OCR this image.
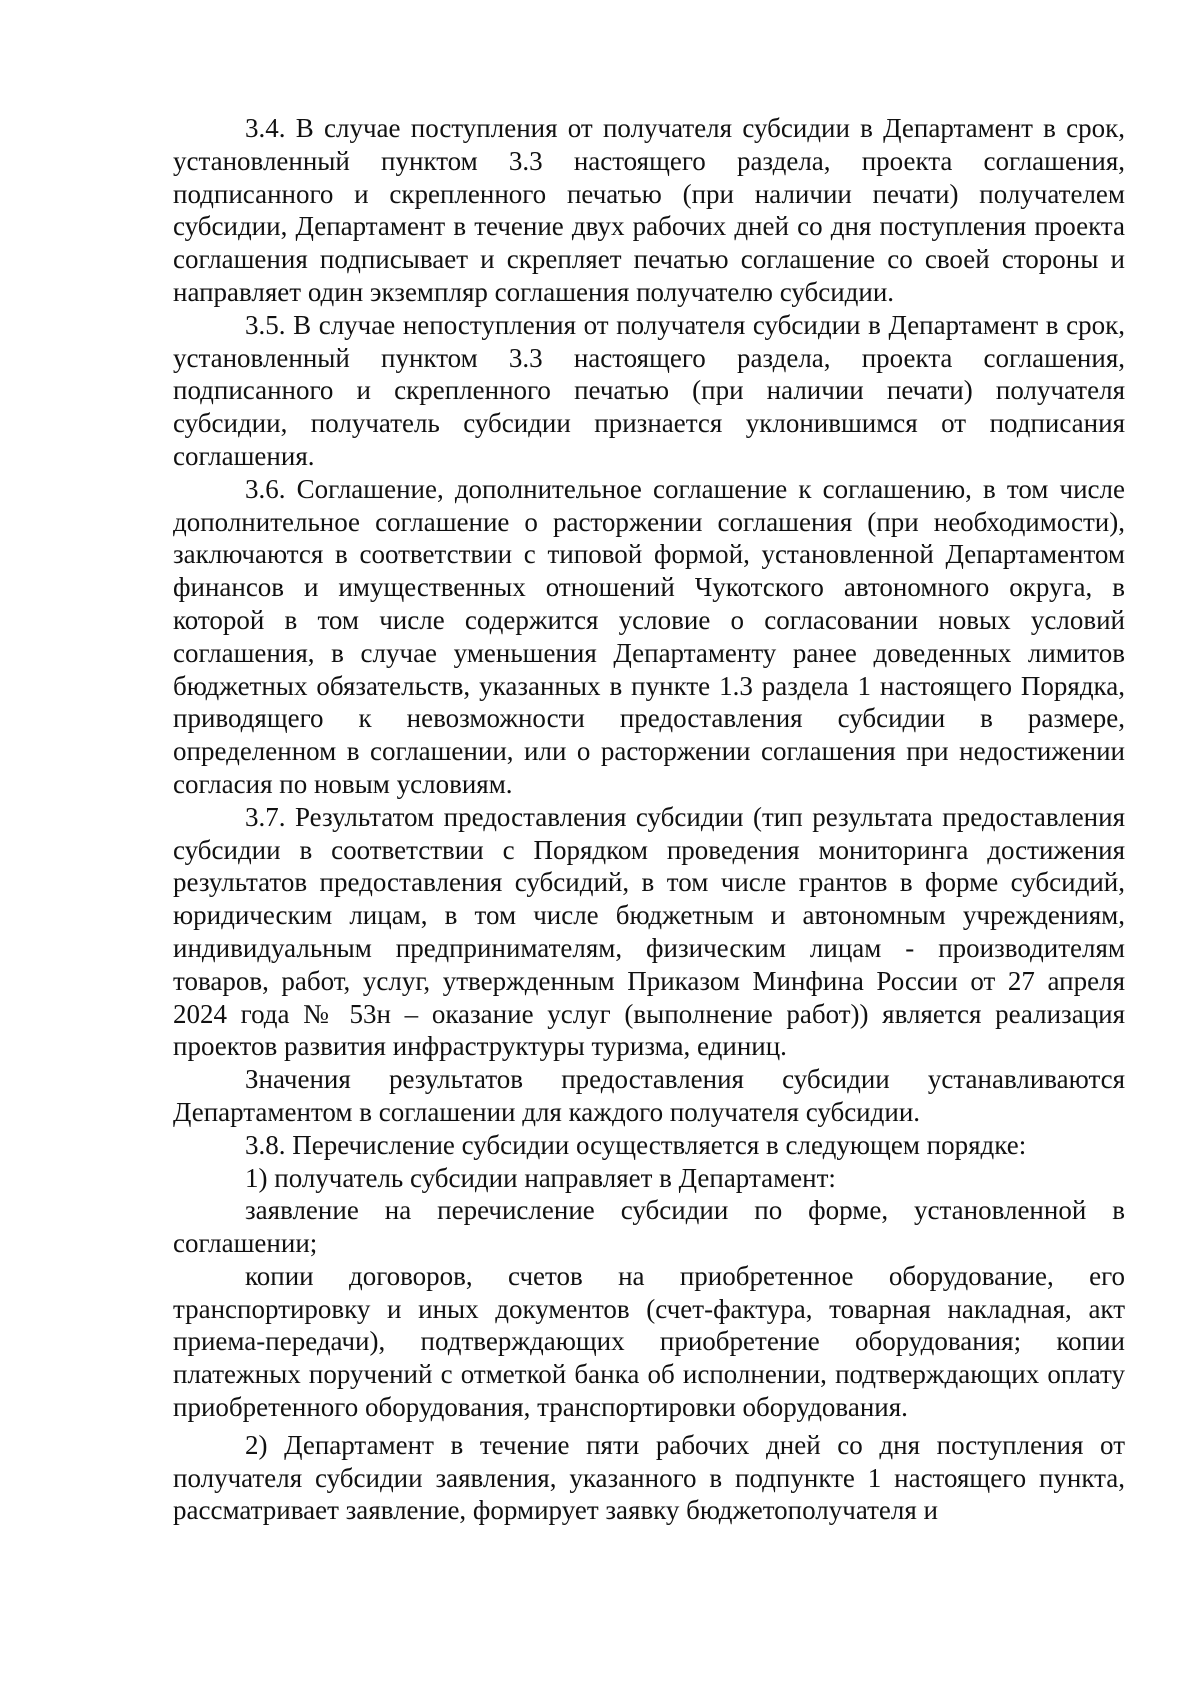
3.4. В случае поступления от получателя субсидии в Департамент в срок, установленный пунктом 3.3 настоящего раздела, проекта соглашения, подписанного и скрепленного печатью (при наличии печати) получателем субсидии, Департамент в течение двух рабочих дней со дня поступления проекта соглашения подписывает и скрепляет печатью соглашение со своей стороны и направляет один экземпляр соглашения получателю субсидии.

3.5. В случае непоступления от получателя субсидии в Департамент в срок, установленный пунктом 3.3 настоящего раздела, проекта соглашения, подписанного и скрепленного печатью (при наличии печати) получателя субсидии, получатель субсидии признается уклонившимся от подписания соглашения.

3.6. Соглашение, дополнительное соглашение к соглашению, в том числе дополнительное соглашение о расторжении соглашения (при необходимости), заключаются в соответствии с типовой формой, установленной Департаментом финансов и имущественных отношений Чукотского автономного округа, в которой в том числе содержится условие о согласовании новых условий соглашения, в случае уменьшения Департаменту ранее доведенных лимитов бюджетных обязательств, указанных в пункте 1.3 раздела 1 настоящего Порядка, приводящего к невозможности предоставления субсидии в размере, определенном в соглашении, или о расторжении соглашения при недостижении согласия по новым условиям.

3.7. Результатом предоставления субсидии (тип результата предоставления субсидии в соответствии с Порядком проведения мониторинга достижения результатов предоставления субсидий, в том числе грантов в форме субсидий, юридическим лицам, в том числе бюджетным и автономным учреждениям, индивидуальным предпринимателям, физическим лицам - производителям товаров, работ, услуг, утвержденным Приказом Минфина России от 27 апреля 2024 года № 53н – оказание услуг (выполнение работ)) является реализация проектов развития инфраструктуры туризма, единиц.

Значения результатов предоставления субсидии устанавливаются Департаментом в соглашении для каждого получателя субсидии.

3.8. Перечисление субсидии осуществляется в следующем порядке:

1) получатель субсидии направляет в Департамент:

заявление на перечисление субсидии по форме, установленной в соглашении;

копии договоров, счетов на приобретенное оборудование, его транспортировку и иных документов (счет-фактура, товарная накладная, акт приема-передачи), подтверждающих приобретение оборудования; копии платежных поручений с отметкой банка об исполнении, подтверждающих оплату приобретенного оборудования, транспортировки оборудования.

2) Департамент в течение пяти рабочих дней со дня поступления от получателя субсидии заявления, указанного в подпункте 1 настоящего пункта, рассматривает заявление, формирует заявку бюджетополучателя и
